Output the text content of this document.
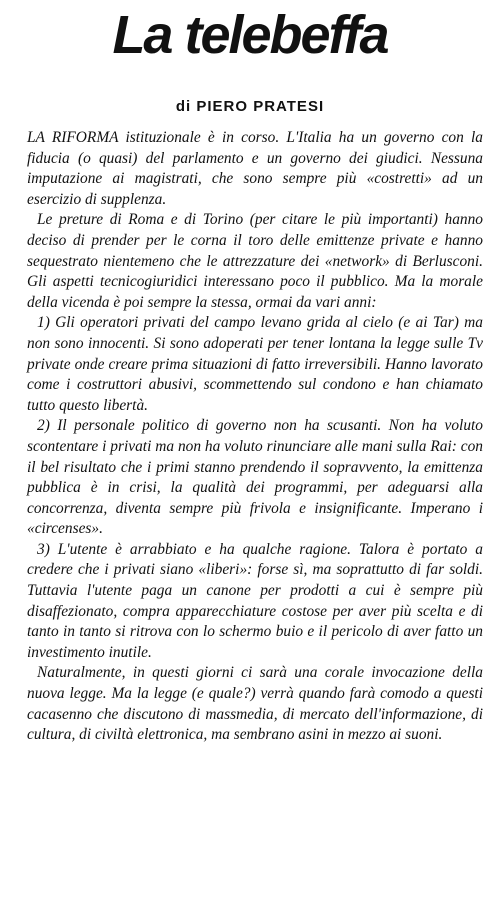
La telebeffa
di PIERO PRATESI

LA RIFORMA istituzionale è in corso. L'Italia ha un governo con la fiducia (o quasi) del parlamento e un governo dei giudici. Nessuna imputazione ai magistrati, che sono sempre più «costretti» ad un esercizio di supplenza.

Le preture di Roma e di Torino (per citare le più importanti) hanno deciso di prender per le corna il toro delle emittenze private e hanno sequestrato nientemeno che le attrezzature dei «network» di Berlusconi. Gli aspetti tecnicogiuridici interessano poco il pubblico. Ma la morale della vicenda è poi sempre la stessa, ormai da vari anni:

1) Gli operatori privati del campo levano grida al cielo (e ai Tar) ma non sono innocenti. Si sono adoperati per tener lontana la legge sulle Tv private onde creare prima situazioni di fatto irreversibili. Hanno lavorato come i costruttori abusivi, scommettendo sul condono e han chiamato tutto questo libertà.

2) Il personale politico di governo non ha scusanti. Non ha voluto scontentare i privati ma non ha voluto rinunciare alle mani sulla Rai: con il bel risultato che i primi stanno prendendo il sopravvento, la emittenza pubblica è in crisi, la qualità dei programmi, per adeguarsi alla concorrenza, diventa sempre più frivola e insignificante. Imperano i «circenses».

3) L'utente è arrabbiato e ha qualche ragione. Talora è portato a credere che i privati siano «liberi»: forse sì, ma soprattutto di far soldi. Tuttavia l'utente paga un canone per prodotti a cui è sempre più disaffezionato, compra apparecchiature costose per aver più scelta e di tanto in tanto si ritrova con lo schermo buio e il pericolo di aver fatto un investimento inutile.

Naturalmente, in questi giorni ci sarà una corale invocazione della nuova legge. Ma la legge (e quale?) verrà quando farà comodo a questi cacasenno che discutono di massmedia, di mercato dell'informazione, di cultura, di civiltà elettronica, ma sembrano asini in mezzo ai suoni.
